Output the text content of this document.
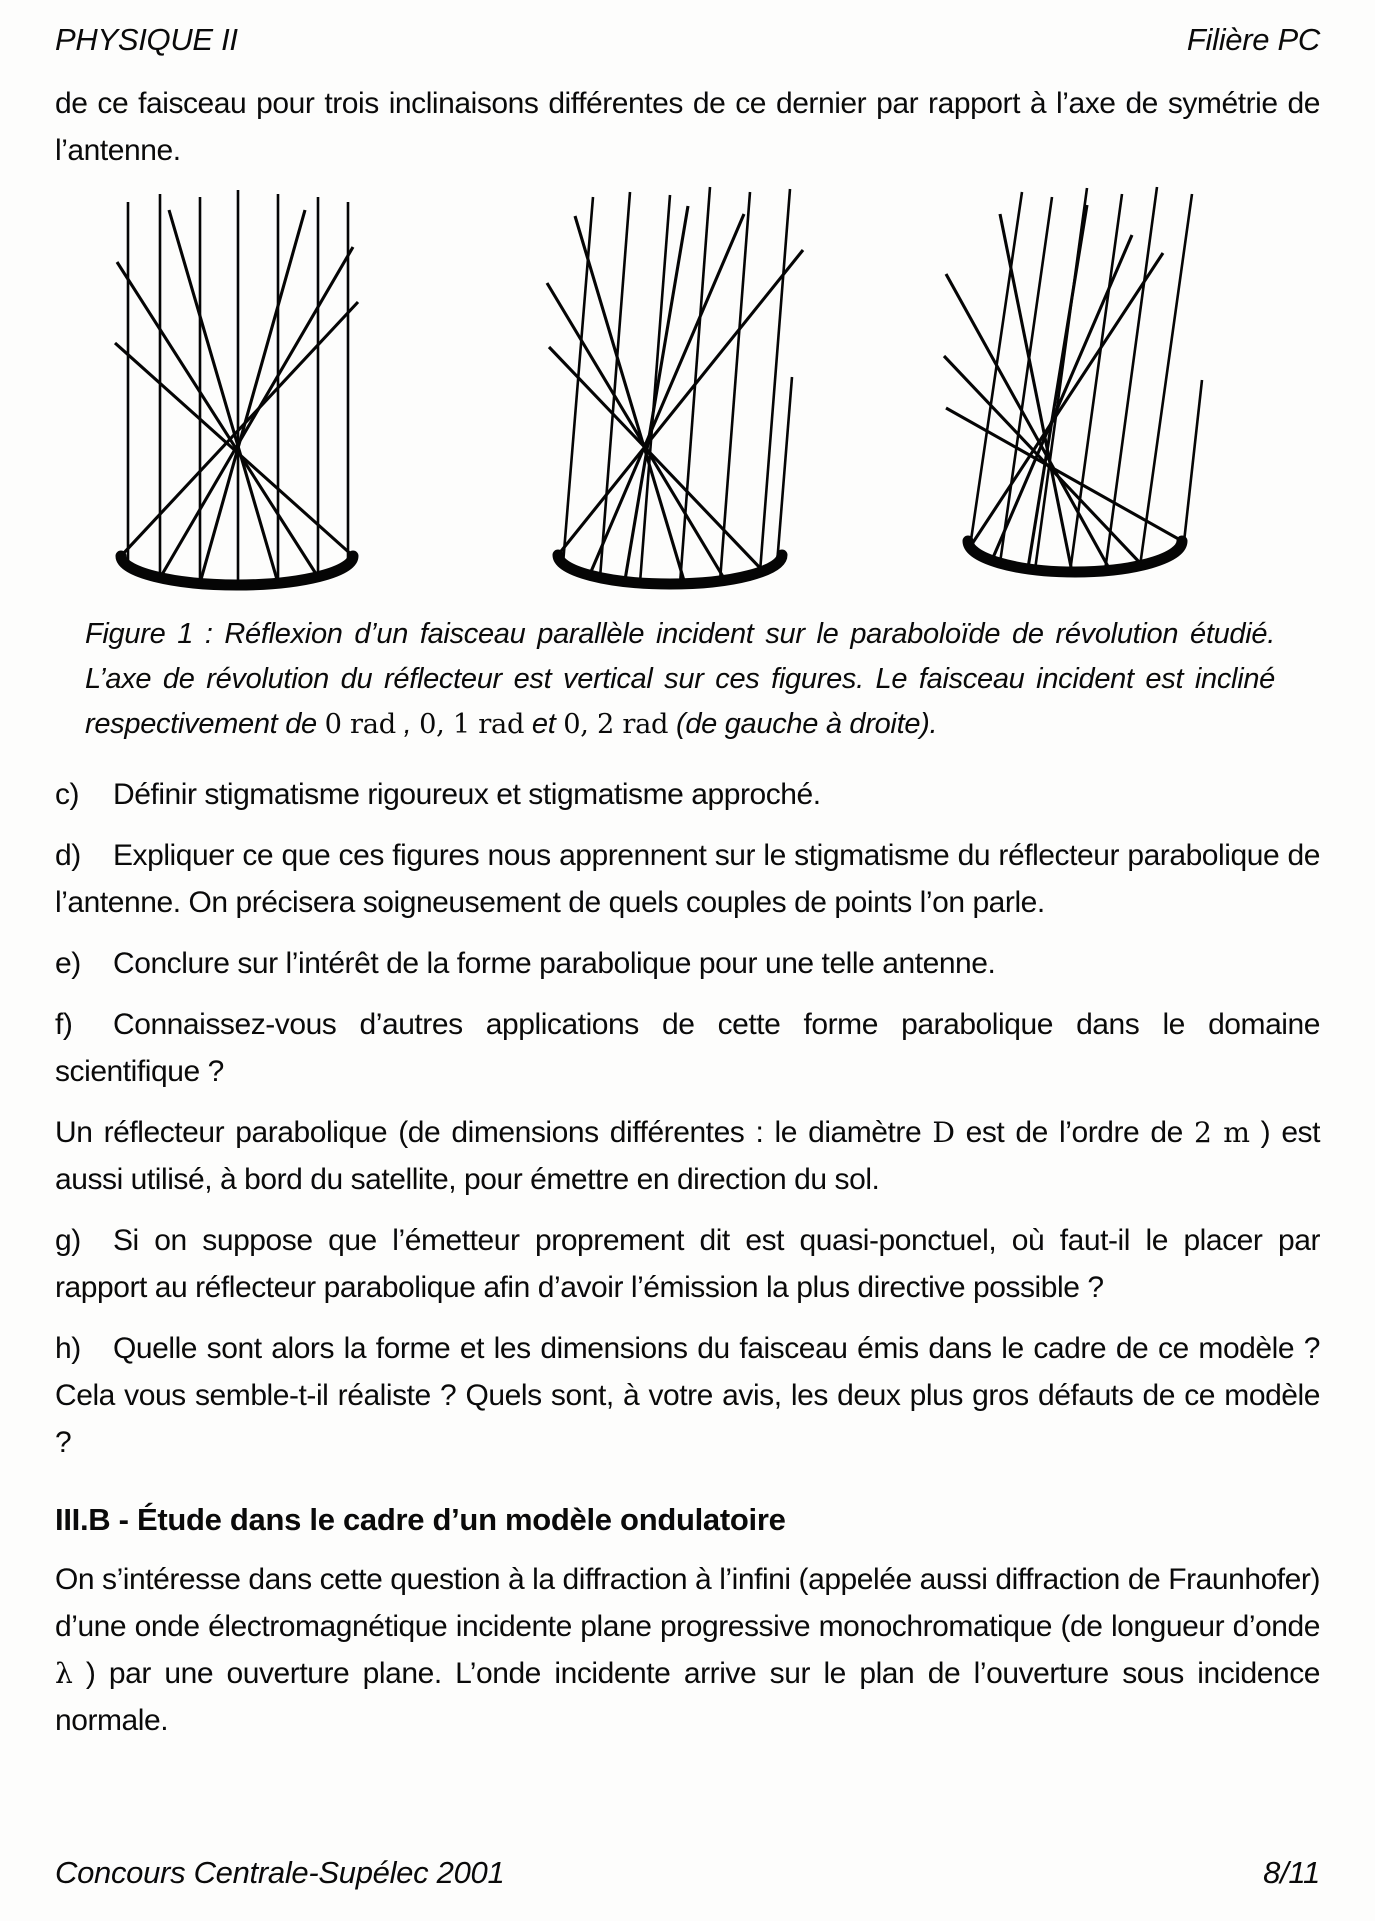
PHYSIQUE II	Filière PC

de ce faisceau pour trois inclinaisons différentes de ce dernier par rapport à l’axe de symétrie de l’antenne.

Figure 1 : Réflexion d’un faisceau parallèle incident sur le paraboloïde de révolution étudié. L’axe de révolution du réflecteur est vertical sur ces figures. Le faisceau incident est incliné respectivement de 0 rad , 0, 1 rad et 0, 2 rad (de gauche à droite).

c) Définir stigmatisme rigoureux et stigmatisme approché.

d) Expliquer ce que ces figures nous apprennent sur le stigmatisme du réflecteur parabolique de l’antenne. On précisera soigneusement de quels couples de points l’on parle.

e) Conclure sur l’intérêt de la forme parabolique pour une telle antenne.

f) Connaissez-vous d’autres applications de cette forme parabolique dans le domaine scientifique ?

Un réflecteur parabolique (de dimensions différentes : le diamètre D est de l’ordre de 2 m ) est aussi utilisé, à bord du satellite, pour émettre en direction du sol.

g) Si on suppose que l’émetteur proprement dit est quasi-ponctuel, où faut-il le placer par rapport au réflecteur parabolique afin d’avoir l’émission la plus directive possible ?

h) Quelle sont alors la forme et les dimensions du faisceau émis dans le cadre de ce modèle ? Cela vous semble-t-il réaliste ? Quels sont, à votre avis, les deux plus gros défauts de ce modèle ?

III.B - Étude dans le cadre d’un modèle ondulatoire

On s’intéresse dans cette question à la diffraction à l’infini (appelée aussi diffraction de Fraunhofer) d’une onde électromagnétique incidente plane progressive monochromatique (de longueur d’onde λ ) par une ouverture plane. L’onde incidente arrive sur le plan de l’ouverture sous incidence normale.

Concours Centrale-Supélec 2001	8/11
